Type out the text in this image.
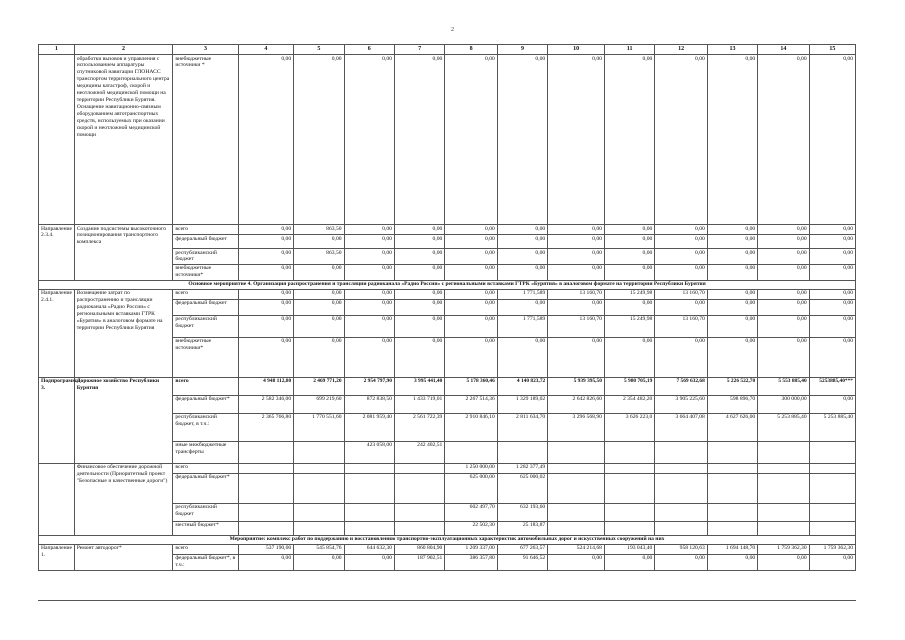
2
1	2	3	4	5	6	7	8	9	10	11	12	13	14	15
	обработки вызовов и управления с использованием аппаратуры спутниковой навигации ГЛОНАСС транспортом территориального центра медицины катастроф, скорой и неотложной медицинской помощи на территории Республики Бурятия. Оснащение навигационно-связным оборудованием автотранспортных средств, используемых при оказании скорой и неотложной медицинской помощи	внебюджетные источники *	0,00	0,00	0,00	0,00	0,00	0,00	0,00	0,00	0,00	0,00	0,00	0,00
Направление 2.3.4.	Создание подсистемы высокоточного позиционирования транспортного комплекса	всего	0,00	863,50	0,00	0,00	0,00	0,00	0,00	0,00	0,00	0,00	0,00	0,00
		федеральный бюджет	0,00	0,00	0,00	0,00	0,00	0,00	0,00	0,00	0,00	0,00	0,00	0,00
		республиканский бюджет	0,00	863,50	0,00	0,00	0,00	0,00	0,00	0,00	0,00	0,00	0,00	0,00
		внебюджетные источники*	0,00	0,00	0,00	0,00	0,00	0,00	0,00	0,00	0,00	0,00	0,00	0,00
Основное мероприятие 4. Организация распространения и трансляции радиоканала «Радио России» с региональными вставками ГТРК «Бурятия» в аналоговом формате на территории Республики Бурятия														
Направление 2.4.1.	Возмещение затрат по распространению и трансляции радиоканала «Радио России» с региональными вставками ГТРК «Бурятия» в аналоговом формате на территории Республики Бурятия	всего	0,00	0,00	0,00	0,00	0,00	1 771,589	13 160,70	15 249,98	13 160,70	0,00	0,00	0,00
		федеральный бюджет	0,00	0,00	0,00	0,00	0,00	0,00	0,00	0,00	0,00	0,00	0,00	0,00
		республиканский бюджет	0,00	0,00	0,00	0,00	0,00	1 771,589	13 160,70	15 249,98	13 160,70	0,00	0,00	0,00
		внебюджетные источники*	0,00	0,00	0,00	0,00	0,00	0,00	0,00	0,00	0,00	0,00	0,00	0,00
Подпрограмма 3.	Дорожное хозяйство Республики Бурятия	всего	4 948 112,80	2 469 771,20	2 954 797,90	3 995 441,40	5 178 360,46	4 140 823,72	5 939 395,50	5 980 705,19	7 569 632,68	5 226 522,70	5 553 885,40	5253885,40***
		федеральный бюджет*	2 582 346,00	699 219,60	872 838,50	1 433 719,01	2 267 514,36	1 329 189,02	2 642 826,60	2 354 482,20	3 905 225,60	598 896,70	300 000,00	0,00
		республиканский бюджет, в т.ч.:	2 365 766,80	1 770 551,60	2 081 959,40	2 561 722,39	2 910 846,10	2 811 634,70	3 296 568,90	3 626 223,0	3 664 407,08	4 627 626,00	5 253 885,40	5 253 885,40
		иные межбюджетные трансферты			423 058,00	242 402,51								
	Финансовое обеспечение дорожной деятельности (Приоритетный проект "Безопасные и качественные дороги")	всего					1 250 000,00	1 282 377,49						
		федеральный бюджет*					625 000,00	625 000,02						
		республиканский бюджет					602 497,70	632 193,60						
		местный бюджет*					22 502,30	25 183,87						
Мероприятие: комплекс работ по поддержанию и восстановлению транспортно-эксплуатационных характеристик автомобильных дорог и искусственных сооружений на них														
Направление 1.	Ремонт автодорог*	всего	537 190,00	545 854,76	644 632,30	860 804,90	1 209 337,00	677 263,57	524 214,68	193 043,40	958 120,63	1 694 148,70	1 759 362,30	1 759 362,30
		федеральный бюджет*, в т.ч.:	0,00	0,00	0,00	187 902,51	386 357,80	91 646,52	0,00	0,00	0,00	0,00	0,00	0,00
